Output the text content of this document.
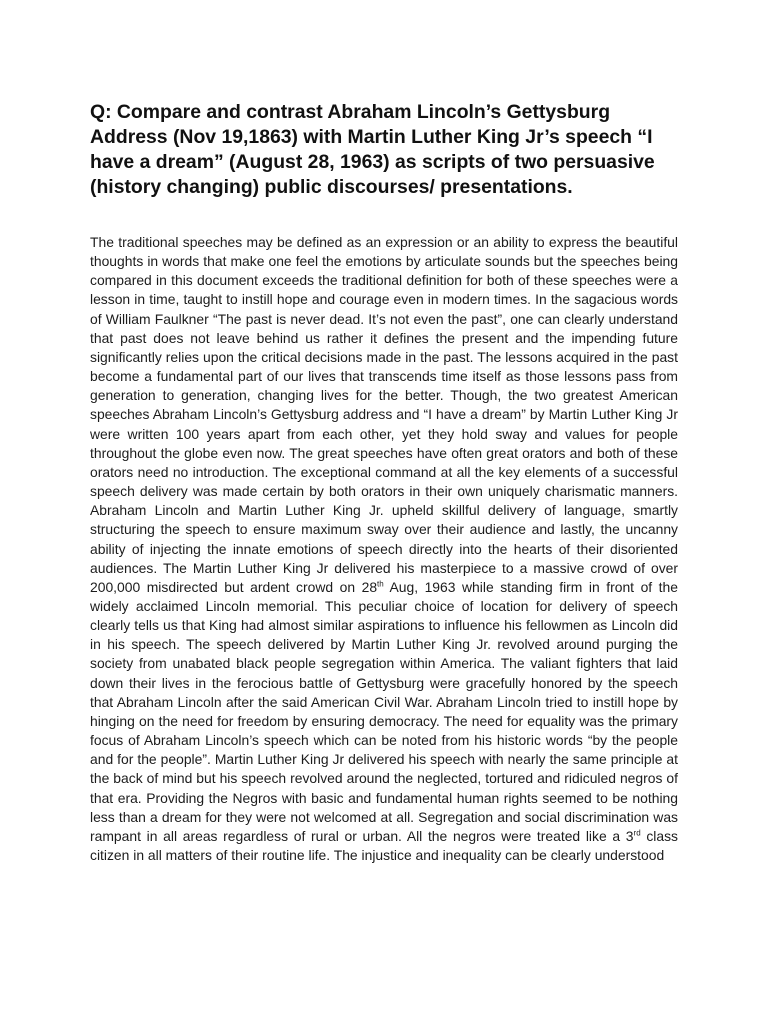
Q: Compare and contrast Abraham Lincoln’s Gettysburg Address (Nov 19,1863) with Martin Luther King Jr’s speech “I have a dream” (August 28, 1963) as scripts of two persuasive (history changing) public discourses/ presentations.

The traditional speeches may be defined as an expression or an ability to express the beautiful thoughts in words that make one feel the emotions by articulate sounds but the speeches being compared in this document exceeds the traditional definition for both of these speeches were a lesson in time, taught to instill hope and courage even in modern times. In the sagacious words of William Faulkner “The past is never dead. It’s not even the past”, one can clearly understand that past does not leave behind us rather it defines the present and the impending future significantly relies upon the critical decisions made in the past. The lessons acquired in the past become a fundamental part of our lives that transcends time itself as those lessons pass from generation to generation, changing lives for the better. Though, the two greatest American speeches Abraham Lincoln’s Gettysburg address and “I have a dream” by Martin Luther King Jr were written 100 years apart from each other, yet they hold sway and values for people throughout the globe even now. The great speeches have often great orators and both of these orators need no introduction. The exceptional command at all the key elements of a successful speech delivery was made certain by both orators in their own uniquely charismatic manners. Abraham Lincoln and Martin Luther King Jr. upheld skillful delivery of language, smartly structuring the speech to ensure maximum sway over their audience and lastly, the uncanny ability of injecting the innate emotions of speech directly into the hearts of their disoriented audiences. The Martin Luther King Jr delivered his masterpiece to a massive crowd of over 200,000 misdirected but ardent crowd on 28th Aug, 1963 while standing firm in front of the widely acclaimed Lincoln memorial. This peculiar choice of location for delivery of speech clearly tells us that King had almost similar aspirations to influence his fellowmen as Lincoln did in his speech. The speech delivered by Martin Luther King Jr. revolved around purging the society from unabated black people segregation within America. The valiant fighters that laid down their lives in the ferocious battle of Gettysburg were gracefully honored by the speech that Abraham Lincoln after the said American Civil War. Abraham Lincoln tried to instill hope by hinging on the need for freedom by ensuring democracy. The need for equality was the primary focus of Abraham Lincoln’s speech which can be noted from his historic words “by the people and for the people”. Martin Luther King Jr delivered his speech with nearly the same principle at the back of mind but his speech revolved around the neglected, tortured and ridiculed negros of that era. Providing the Negros with basic and fundamental human rights seemed to be nothing less than a dream for they were not welcomed at all. Segregation and social discrimination was rampant in all areas regardless of rural or urban. All the negros were treated like a 3rd class citizen in all matters of their routine life. The injustice and inequality can be clearly understood
